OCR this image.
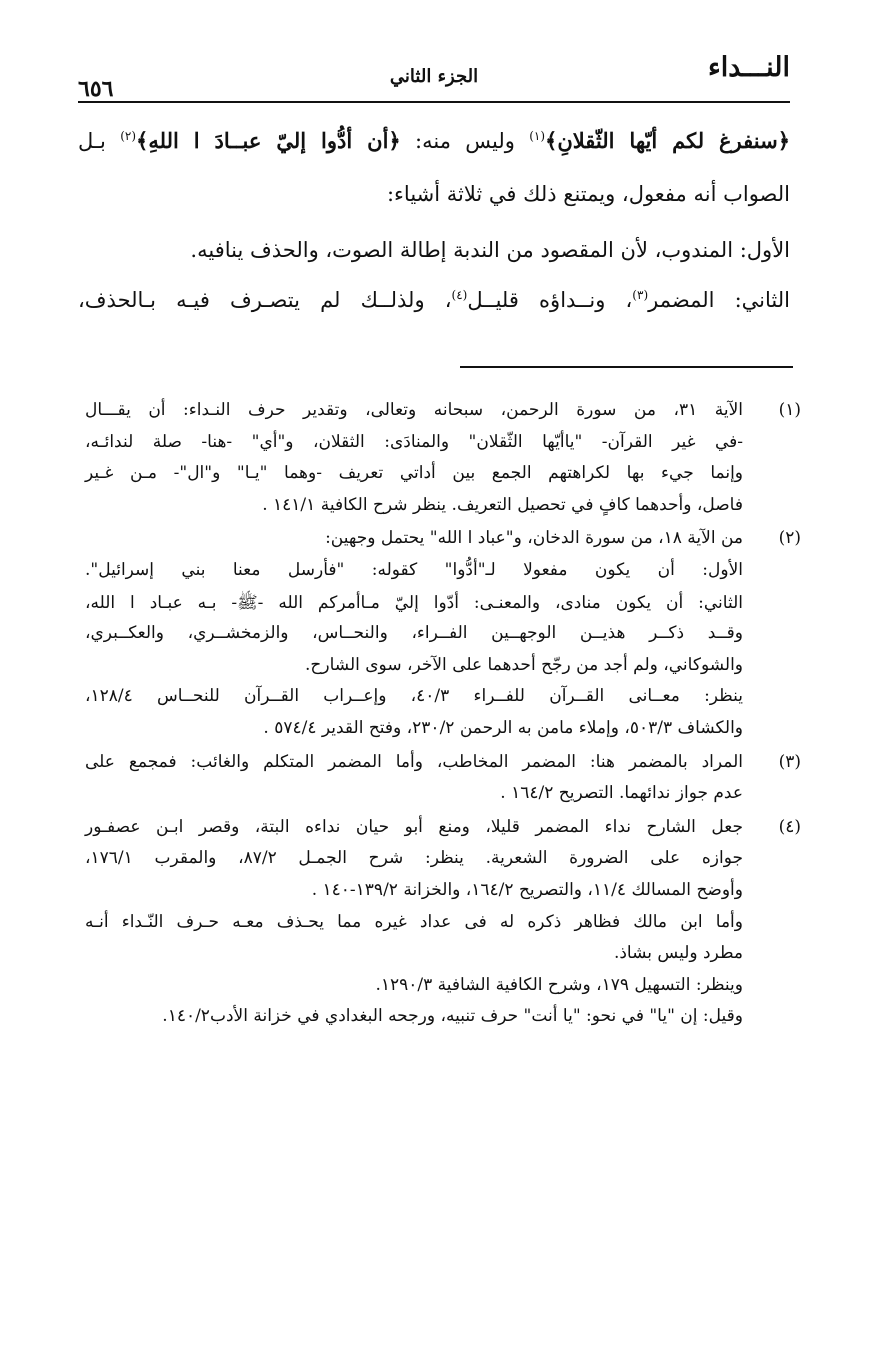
النـــداء
الجزء الثاني
٦٥٦
﴿سنفرغ لكم أيّها الثّقلانِ﴾$^{(١)}$ وليس منه: ﴿أن أدُّوا إليّ عبــادَ ا اللهِ﴾$^{(٢)}$ بـل
الصواب أنه مفعول، ويمتنع ذلك في ثلاثة أشياء:
الأول: المندوب، لأن المقصود من الندبة إطالة الصوت، والحذف ينافيه.
الثاني: المضمر$^{(٣)}$، ونــداؤه قليــل$^{(٤)}$، ولذلــك لم يتصـرف فيـه بـالحذف،
(١)
الآية ٣١، من سورة الرحمن، سبحانه وتعالى، وتقدير حرف النـداء: أن يقـــال
-في غير القرآن- "ياأيّها الثّقلان" والمنادَى: الثقلان، و"أي" -هنا- صلة لندائـه،
وإنما جيء بها لكراهتهم الجمع بين أداتي تعريف -وهما "يـا" و"ال"- مـن غـير
فاصل، وأحدهما كافٍ في تحصيل التعريف. ينظر شرح الكافية ١٤١/١ .
(٢)
من الآية ١٨، من سورة الدخان، و"عباد ا الله" يحتمل وجهين:
الأول: أن يكون مفعولا لـ"أدُّوا" كقوله: "فأرسل معنا بني إسرائيل".
الثاني: أن يكون منادى، والمعنـى: أدّوا إليّ مـاأمركم الله -ﷺ- بـه عبـاد ا الله،
وقــد ذكــر هذيــن الوجهــين الفــراء، والنحــاس، والزمخشــري، والعكــبري،
والشوكاني، ولم أجد من رجّح أحدهما على الآخر، سوى الشارح.
ينظر: معــانى القــرآن للفــراء ٤٠/٣، وإعــراب القــرآن للنحــاس ١٢٨/٤،
والكشاف ٥٠٣/٣، وإملاء مامن به الرحمن ٢٣٠/٢، وفتح القدير ٥٧٤/٤ .
(٣)
المراد بالمضمر هنا: المضمر المخاطب، وأما المضمر المتكلم والغائب: فمجمع على
عدم جواز ندائهما. التصريح ١٦٤/٢ .
(٤)
جعل الشارح نداء المضمر قليلا، ومنع أبو حيان نداءه البتة، وقصر ابـن عصفـور
جوازه على الضرورة الشعرية. ينظر: شرح الجمـل ٨٧/٢، والمقرب ١٧٦/١،
وأوضح المسالك ١١/٤، والتصريح ١٦٤/٢، والخزانة ١٣٩/٢-١٤٠ .
وأما ابن مالك فظاهر ذكره له فى عداد غيره مما يحـذف معـه حـرف النّـداء أنـه
مطرد وليس بشاذ.
وينظر: التسهيل ١٧٩، وشرح الكافية الشافية ١٢٩٠/٣.
وقيل: إن "يا" في نحو: "يا أنت" حرف تنبيه، ورجحه البغدادي في خزانة الأدب١٤٠/٢.
